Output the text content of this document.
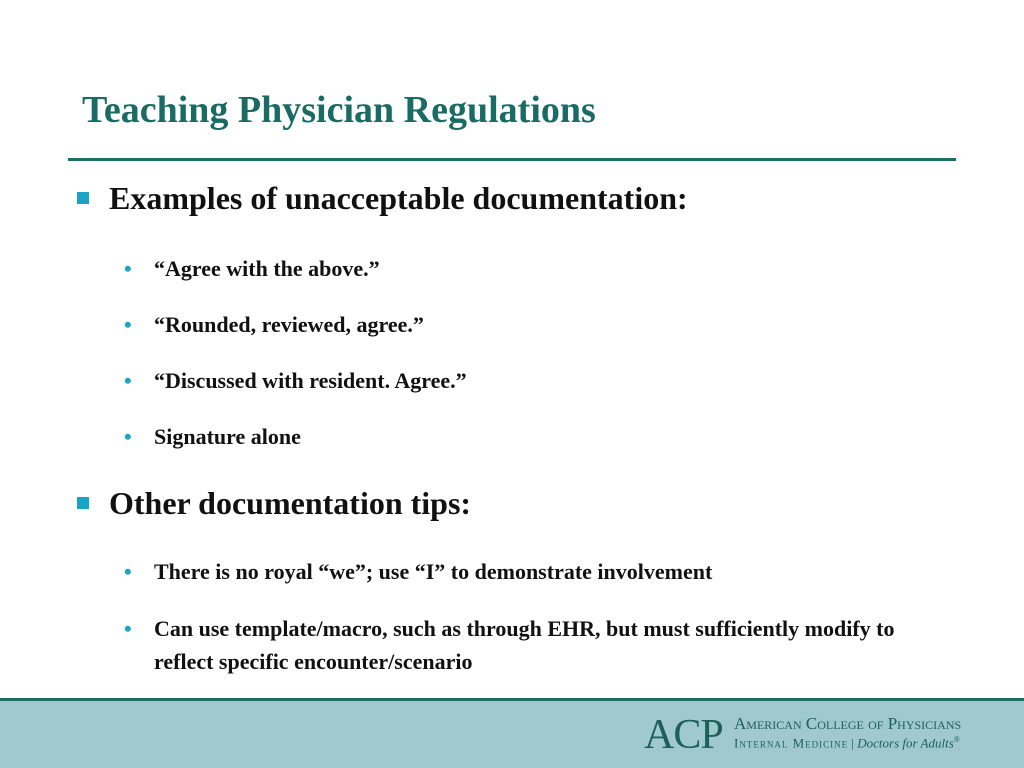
Teaching Physician Regulations
Examples of unacceptable documentation:
• “Agree with the above.”
• “Rounded, reviewed, agree.”
• “Discussed with resident. Agree.”
• Signature alone
Other documentation tips:
• There is no royal “we”; use “I” to demonstrate involvement
• Can use template/macro, such as through EHR, but must sufficiently modify to reflect specific encounter/scenario
ACP American College of Physicians
Internal Medicine | Doctors for Adults®
